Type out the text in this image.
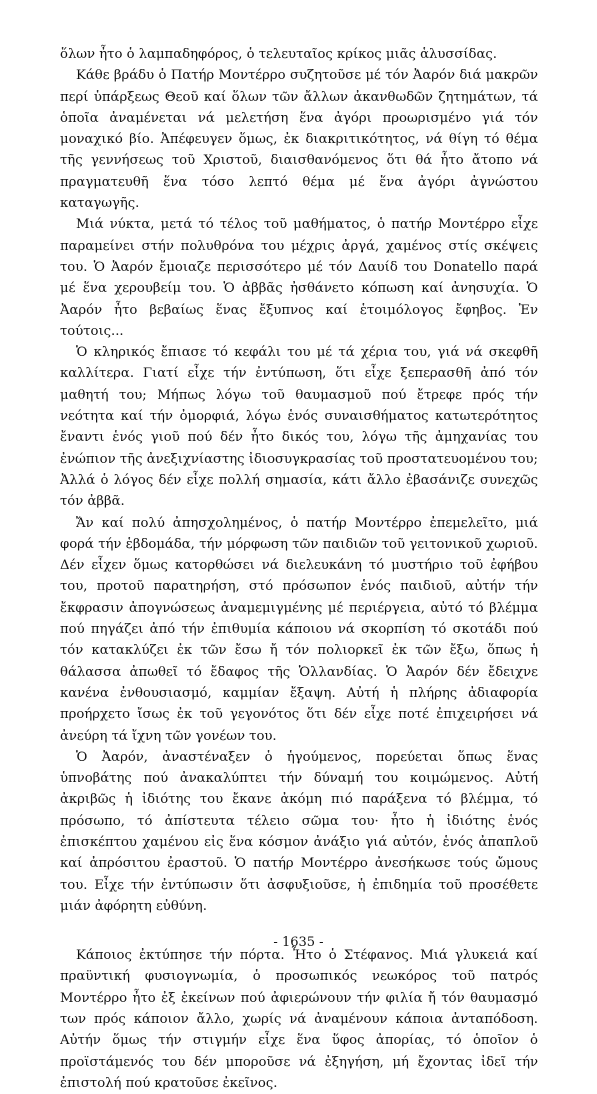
ὅλων ἦτο ὁ λαμπαδηφόρος, ὁ τελευταῖος κρίκος μιᾶς ἁλυσσίδας.

Κάθε βράδυ ὁ Πατήρ Μοντέρρο συζητοῦσε μέ τόν Ἀαρόν διά μακρῶν περί ὑπάρξεως Θεοῦ καί ὅλων τῶν ἄλλων ἀκανθωδῶν ζητημάτων, τά ὁποῖα ἀναμένεται νά μελετήση ἕνα ἀγόρι προωρισμένο γιά τόν μοναχικό βίο. Ἀπέφευγεν ὅμως, ἐκ διακριτικότητος, νά θίγη τό θέμα τῆς γεννήσεως τοῦ Χριστοῦ, διαισθανόμενος ὅτι θά ἦτο ἄτοπο νά πραγματευθῆ ἕνα τόσο λεπτό θέμα μέ ἕνα ἀγόρι ἀγνώστου καταγωγῆς.

Μιά νύκτα, μετά τό τέλος τοῦ μαθήματος, ὁ πατήρ Μοντέρρο εἶχε παραμείνει στήν πολυθρόνα του μέχρις ἀργά, χαμένος στίς σκέψεις του. Ὁ Ἀαρόν ἔμοιαζε περισσότερο μέ τόν Δαυίδ του Donatello παρά μέ ἕνα χερουβείμ του. Ὁ ἀββᾶς ἠσθάνετο κόπωση καί ἀνησυχία. Ὁ Ἀαρόν ἦτο βεβαίως ἕνας ἔξυπνος καί ἑτοιμόλογος ἔφηβος. Ἐν τούτοις...

Ὁ κληρικός ἔπιασε τό κεφάλι του μέ τά χέρια του, γιά νά σκεφθῆ καλλίτερα. Γιατί εἶχε τήν ἐντύπωση, ὅτι εἶχε ξεπερασθῆ ἀπό τόν μαθητή του; Μήπως λόγω τοῦ θαυμασμοῦ πού ἔτρεφε πρός τήν νεότητα καί τήν ὀμορφιά, λόγω ἑνός συναισθήματος κατωτερότητος ἔναντι ἑνός γιοῦ πού δέν ἦτο δικός του, λόγω τῆς ἀμηχανίας του ἐνώπιον τῆς ἀνεξιχνίαστης ἰδιοσυγκρασίας τοῦ προστατευομένου του; Ἀλλά ὁ λόγος δέν εἶχε πολλή σημασία, κάτι ἄλλο ἐβασάνιζε συνεχῶς τόν ἀββᾶ.

Ἄν καί πολύ ἀπησχολημένος, ὁ πατήρ Μοντέρρο ἐπεμελεῖτο, μιά φορά τήν ἑβδομάδα, τήν μόρφωση τῶν παιδιῶν τοῦ γειτονικοῦ χωριοῦ. Δέν εἶχεν ὅμως κατορθώσει νά διελευκάνη τό μυστήριο τοῦ ἐφήβου του, προτοῦ παρατηρήση, στό πρόσωπον ἑνός παιδιοῦ, αὐτήν τήν ἔκφρασιν ἀπογνώσεως ἀναμεμιγμένης μέ περιέργεια, αὐτό τό βλέμμα πού πηγάζει ἀπό τήν ἐπιθυμία κάποιου νά σκορπίση τό σκοτάδι πού τόν κατακλύζει ἐκ τῶν ἔσω ἤ τόν πολιορκεῖ ἐκ τῶν ἔξω, ὅπως ἡ θάλασσα ἀπωθεῖ τό ἔδαφος τῆς Ὁλλανδίας. Ὁ Ἀαρόν δέν ἔδειχνε κανένα ἐνθουσιασμό, καμμίαν ἔξαψη. Αὐτή ἡ πλήρης ἀδιαφορία προήρχετο ἴσως ἐκ τοῦ γεγονότος ὅτι δέν εἶχε ποτέ ἐπιχειρήσει νά ἀνεύρη τά ἴχνη τῶν γονέων του.

Ὁ Ἀαρόν, ἀναστέναξεν ὁ ἡγούμενος, πορεύεται ὅπως ἕνας ὑπνοβάτης πού ἀνακαλύπτει τήν δύναμή του κοιμώμενος. Αὐτή ἀκριβῶς ἡ ἰδιότης του ἔκανε ἀκόμη πιό παράξενα τό βλέμμα, τό πρόσωπο, τό ἀπίστευτα τέλειο σῶμα του· ἦτο ἡ ἰδιότης ἑνός ἐπισκέπτου χαμένου εἰς ἕνα κόσμον ἀνάξιο γιά αὐτόν, ἑνός ἀπαπλοῦ καί ἀπρόσιτου ἐραστοῦ. Ὁ πατήρ Μοντέρρο ἀνεσήκωσε τούς ὤμους του. Εἶχε τήν ἐντύπωσιν ὅτι ἀσφυξιοῦσε, ἡ ἐπιδημία τοῦ προσέθετε μιάν ἀφόρητη εὐθύνη.

Κάποιος ἐκτύπησε τήν πόρτα. Ἦτο ὁ Στέφανος. Μιά γλυκειά καί πραϋντική φυσιογνωμία, ὁ προσωπικός νεωκόρος τοῦ πατρός Μοντέρρο ἦτο ἐξ ἐκείνων πού ἀφιερώνουν τήν φιλία ἤ τόν θαυμασμό των πρός κάποιον ἄλλο, χωρίς νά ἀναμένουν κάποια ἀνταπόδοση. Αὐτήν ὅμως τήν στιγμήν εἶχε ἕνα ὕφος ἀπορίας, τό ὁποῖον ὁ προϊστάμενός του δέν μποροῦσε νά ἐξηγήση, μή ἔχοντας ἰδεῖ τήν ἐπιστολή πού κρατοῦσε ἐκεῖνος.

- 1635 -
